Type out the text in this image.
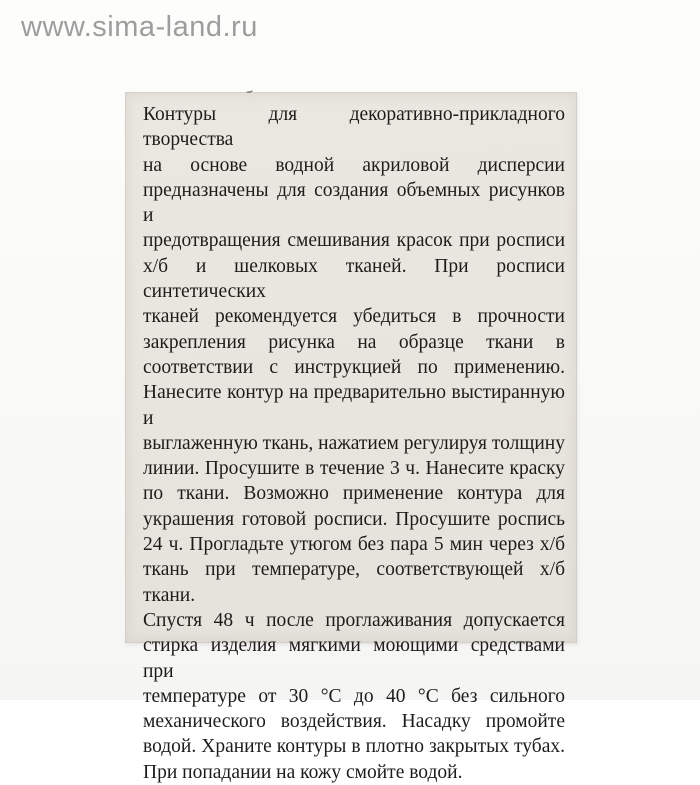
www.sima-land.ru
Контуры для декоративно-прикладного творчества
на основе водной акриловой дисперсии
предназначены для создания объемных рисунков и
предотвращения смешивания красок при росписи
х/б и шелковых тканей. При росписи синтетических
тканей рекомендуется убедиться в прочности
закрепления рисунка на образце ткани в
соответствии с инструкцией по применению.
Нанесите контур на предварительно выстиранную и
выглаженную ткань, нажатием регулируя толщину
линии. Просушите в течение 3 ч. Нанесите краску
по ткани. Возможно применение контура для
украшения готовой росписи. Просушите роспись
24 ч. Прогладьте утюгом без пара 5 мин через х/б
ткань при температуре, соответствующей х/б ткани.
Спустя 48 ч после проглаживания допускается
стирка изделия мягкими моющими средствами при
температуре от 30 °С до 40 °С без сильного
механического воздействия. Насадку промойте
водой. Храните контуры в плотно закрытых тубах.
При попадании на кожу смойте водой.
